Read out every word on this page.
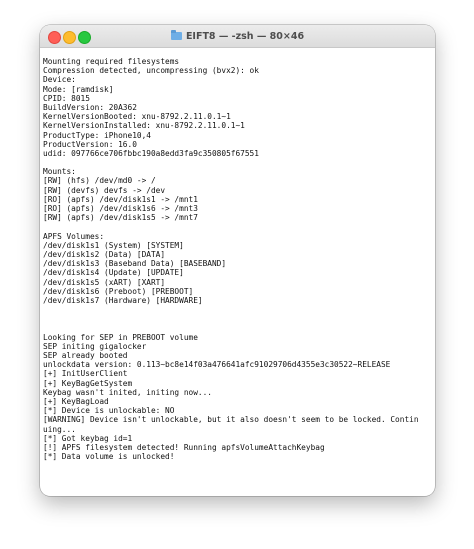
EIFT8 — -zsh — 80×46
Mounting required filesystems
Compression detected, uncompressing (bvx2): ok
Device:
Mode: [ramdisk]
CPID: 8015
BuildVersion: 20A362
KernelVersionBooted: xnu-8792.2.11.0.1~1
KernelVersionInstalled: xnu-8792.2.11.0.1~1
ProductType: iPhone10,4
ProductVersion: 16.0
udid: 097766ce706fbbc190a8edd3fa9c350805f67551
Mounts:
[RW] (hfs) /dev/md0 -> /
[RW] (devfs) devfs -> /dev
[RO] (apfs) /dev/disk1s1 -> /mnt1
[RO] (apfs) /dev/disk1s6 -> /mnt3
[RW] (apfs) /dev/disk1s5 -> /mnt7
APFS Volumes:
/dev/disk1s1 (System) [SYSTEM]
/dev/disk1s2 (Data) [DATA]
/dev/disk1s3 (Baseband Data) [BASEBAND]
/dev/disk1s4 (Update) [UPDATE]
/dev/disk1s5 (xART) [XART]
/dev/disk1s6 (Preboot) [PREBOOT]
/dev/disk1s7 (Hardware) [HARDWARE]
Looking for SEP in PREBOOT volume
SEP initing gigalocker
SEP already booted
unlockdata version: 0.113~bc8e14f03a476641afc91029706d4355e3c30522~RELEASE
[+] InitUserClient
[+] KeyBagGetSystem
Keybag wasn't inited, initing now...
[+] KeyBagLoad
[*] Device is unlockable: NO
[WARNING] Device isn't unlockable, but it also doesn't seem to be locked. Contin
uing...
[*] Got keybag id=1
[!] APFS filesystem detected! Running apfsVolumeAttachKeybag
[*] Data volume is unlocked!
